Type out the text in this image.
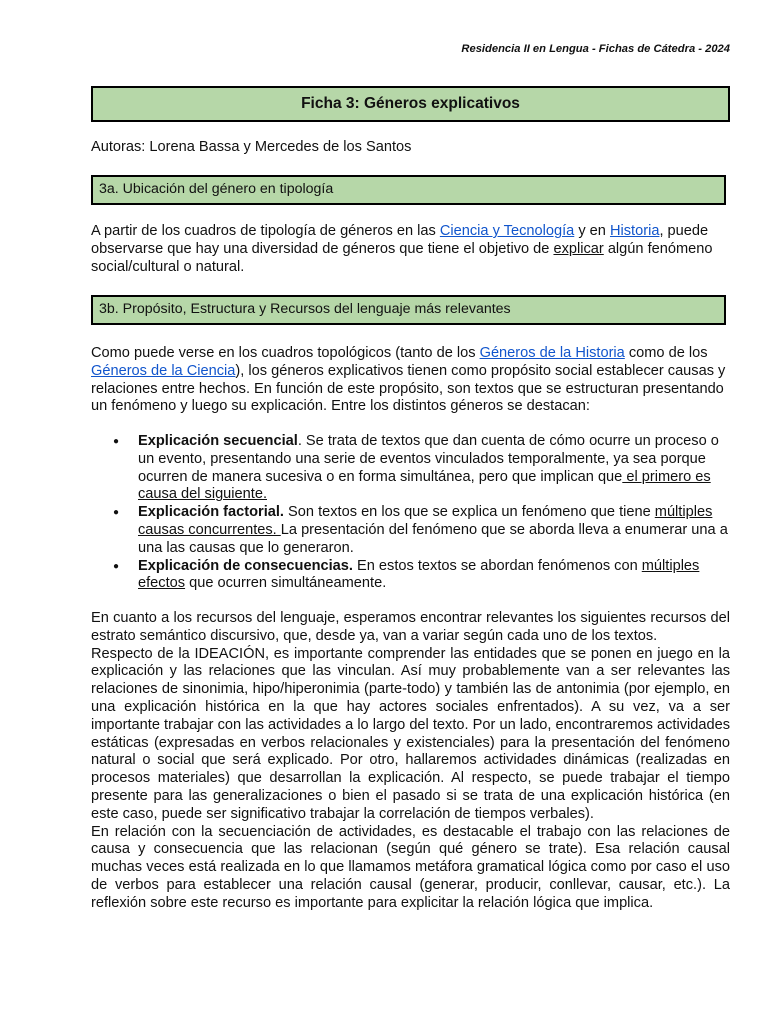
Residencia II en Lengua - Fichas de Cátedra - 2024
Ficha 3: Géneros explicativos
Autoras: Lorena Bassa y Mercedes de los Santos
3a. Ubicación del género en tipología

A partir de los cuadros de tipología de géneros en las Ciencia y Tecnología y en Historia, puede observarse que hay una diversidad de géneros que tiene el objetivo de explicar algún fenómeno social/cultural o natural.

3b. Propósito, Estructura y Recursos del lenguaje más relevantes

Como puede verse en los cuadros topológicos (tanto de los Géneros de la Historia como de los Géneros de la Ciencia), los géneros explicativos tienen como propósito social establecer causas y relaciones entre hechos. En función de este propósito, son textos que se estructuran presentando un fenómeno y luego su explicación. Entre los distintos géneros se destacan:

● Explicación secuencial. Se trata de textos que dan cuenta de cómo ocurre un proceso o un evento, presentando una serie de eventos vinculados temporalmente, ya sea porque ocurren de manera sucesiva o en forma simultánea, pero que implican que el primero es causa del siguiente.
● Explicación factorial. Son textos en los que se explica un fenómeno que tiene múltiples causas concurrentes. La presentación del fenómeno que se aborda lleva a enumerar una a una las causas que lo generaron.
● Explicación de consecuencias. En estos textos se abordan fenómenos con múltiples efectos que ocurren simultáneamente.
En cuanto a los recursos del lenguaje, esperamos encontrar relevantes los siguientes recursos del estrato semántico discursivo, que, desde ya, van a variar según cada uno de los textos.
Respecto de la IDEACIÓN, es importante comprender las entidades que se ponen en juego en la explicación y las relaciones que las vinculan. Así muy probablemente van a ser relevantes las relaciones de sinonimia, hipo/hiperonimia (parte-todo) y también las de antonimia (por ejemplo, en una explicación histórica en la que hay actores sociales enfrentados). A su vez, va a ser importante trabajar con las actividades a lo largo del texto. Por un lado, encontraremos actividades estáticas (expresadas en verbos relacionales y existenciales) para la presentación del fenómeno natural o social que será explicado. Por otro, hallaremos actividades dinámicas (realizadas en procesos materiales) que desarrollan la explicación. Al respecto, se puede trabajar el tiempo presente para las generalizaciones o bien el pasado si se trata de una explicación histórica (en este caso, puede ser significativo trabajar la correlación de tiempos verbales).
En relación con la secuenciación de actividades, es destacable el trabajo con las relaciones de causa y consecuencia que las relacionan (según qué género se trate). Esa relación causal muchas veces está realizada en lo que llamamos metáfora gramatical lógica como por caso el uso de verbos para establecer una relación causal (generar, producir, conllevar, causar, etc.). La reflexión sobre este recurso es importante para explicitar la relación lógica que implica.
